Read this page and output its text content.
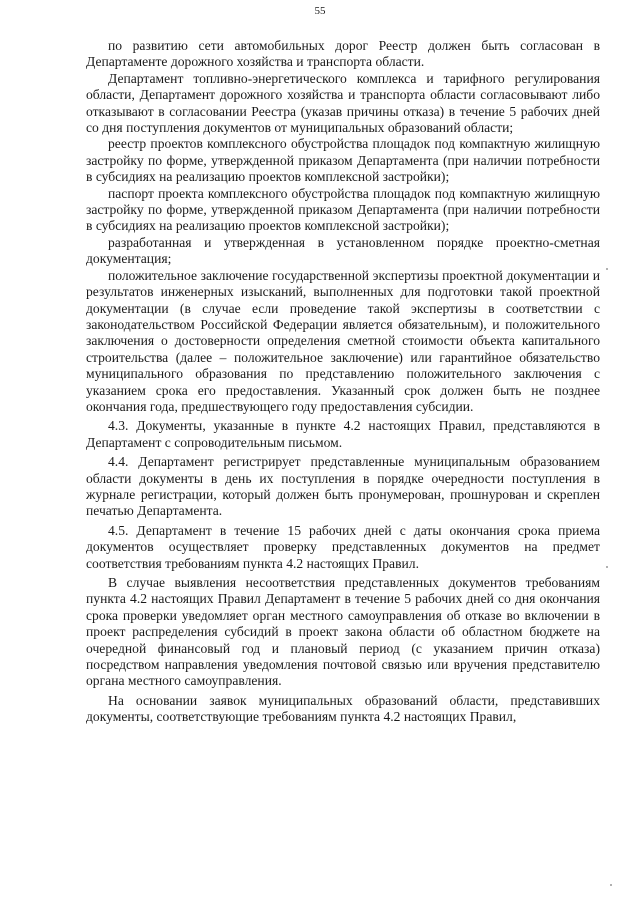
55

по развитию сети автомобильных дорог Реестр должен быть согласован в Департаменте дорожного хозяйства и транспорта области.

Департамент топливно-энергетического комплекса и тарифного регулирования области, Департамент дорожного хозяйства и транспорта области согласовывают либо отказывают в согласовании Реестра (указав причины отказа) в течение 5 рабочих дней со дня поступления документов от муниципальных образований области;

реестр проектов комплексного обустройства площадок под компактную жилищную застройку по форме, утвержденной приказом Департамента (при наличии потребности в субсидиях на реализацию проектов комплексной застройки);

паспорт проекта комплексного обустройства площадок под компактную жилищную застройку по форме, утвержденной приказом Департамента (при наличии потребности в субсидиях на реализацию проектов комплексной застройки);

разработанная и утвержденная в установленном порядке проектно-сметная документация;

положительное заключение государственной экспертизы проектной документации и результатов инженерных изысканий, выполненных для подготовки такой проектной документации (в случае если проведение такой экспертизы в соответствии с законодательством Российской Федерации является обязательным), и положительного заключения о достоверности определения сметной стоимости объекта капитального строительства (далее – положительное заключение) или гарантийное обязательство муниципального образования по представлению положительного заключения с указанием срока его предоставления. Указанный срок должен быть не позднее окончания года, предшествующего году предоставления субсидии.

4.3. Документы, указанные в пункте 4.2 настоящих Правил, представляются в Департамент с сопроводительным письмом.

4.4. Департамент регистрирует представленные муниципальным образованием области документы в день их поступления в порядке очередности поступления в журнале регистрации, который должен быть пронумерован, прошнурован и скреплен печатью Департамента.

4.5. Департамент в течение 15 рабочих дней с даты окончания срока приема документов осуществляет проверку представленных документов на предмет соответствия требованиям пункта 4.2 настоящих Правил.

В случае выявления несоответствия представленных документов требованиям пункта 4.2 настоящих Правил Департамент в течение 5 рабочих дней со дня окончания срока проверки уведомляет орган местного самоуправления об отказе во включении в проект распределения субсидий в проект закона области об областном бюджете на очередной финансовый год и плановый период (с указанием причин отказа) посредством направления уведомления почтовой связью или вручения представителю органа местного самоуправления.

На основании заявок муниципальных образований области, представивших документы, соответствующие требованиям пункта 4.2 настоящих Правил,
